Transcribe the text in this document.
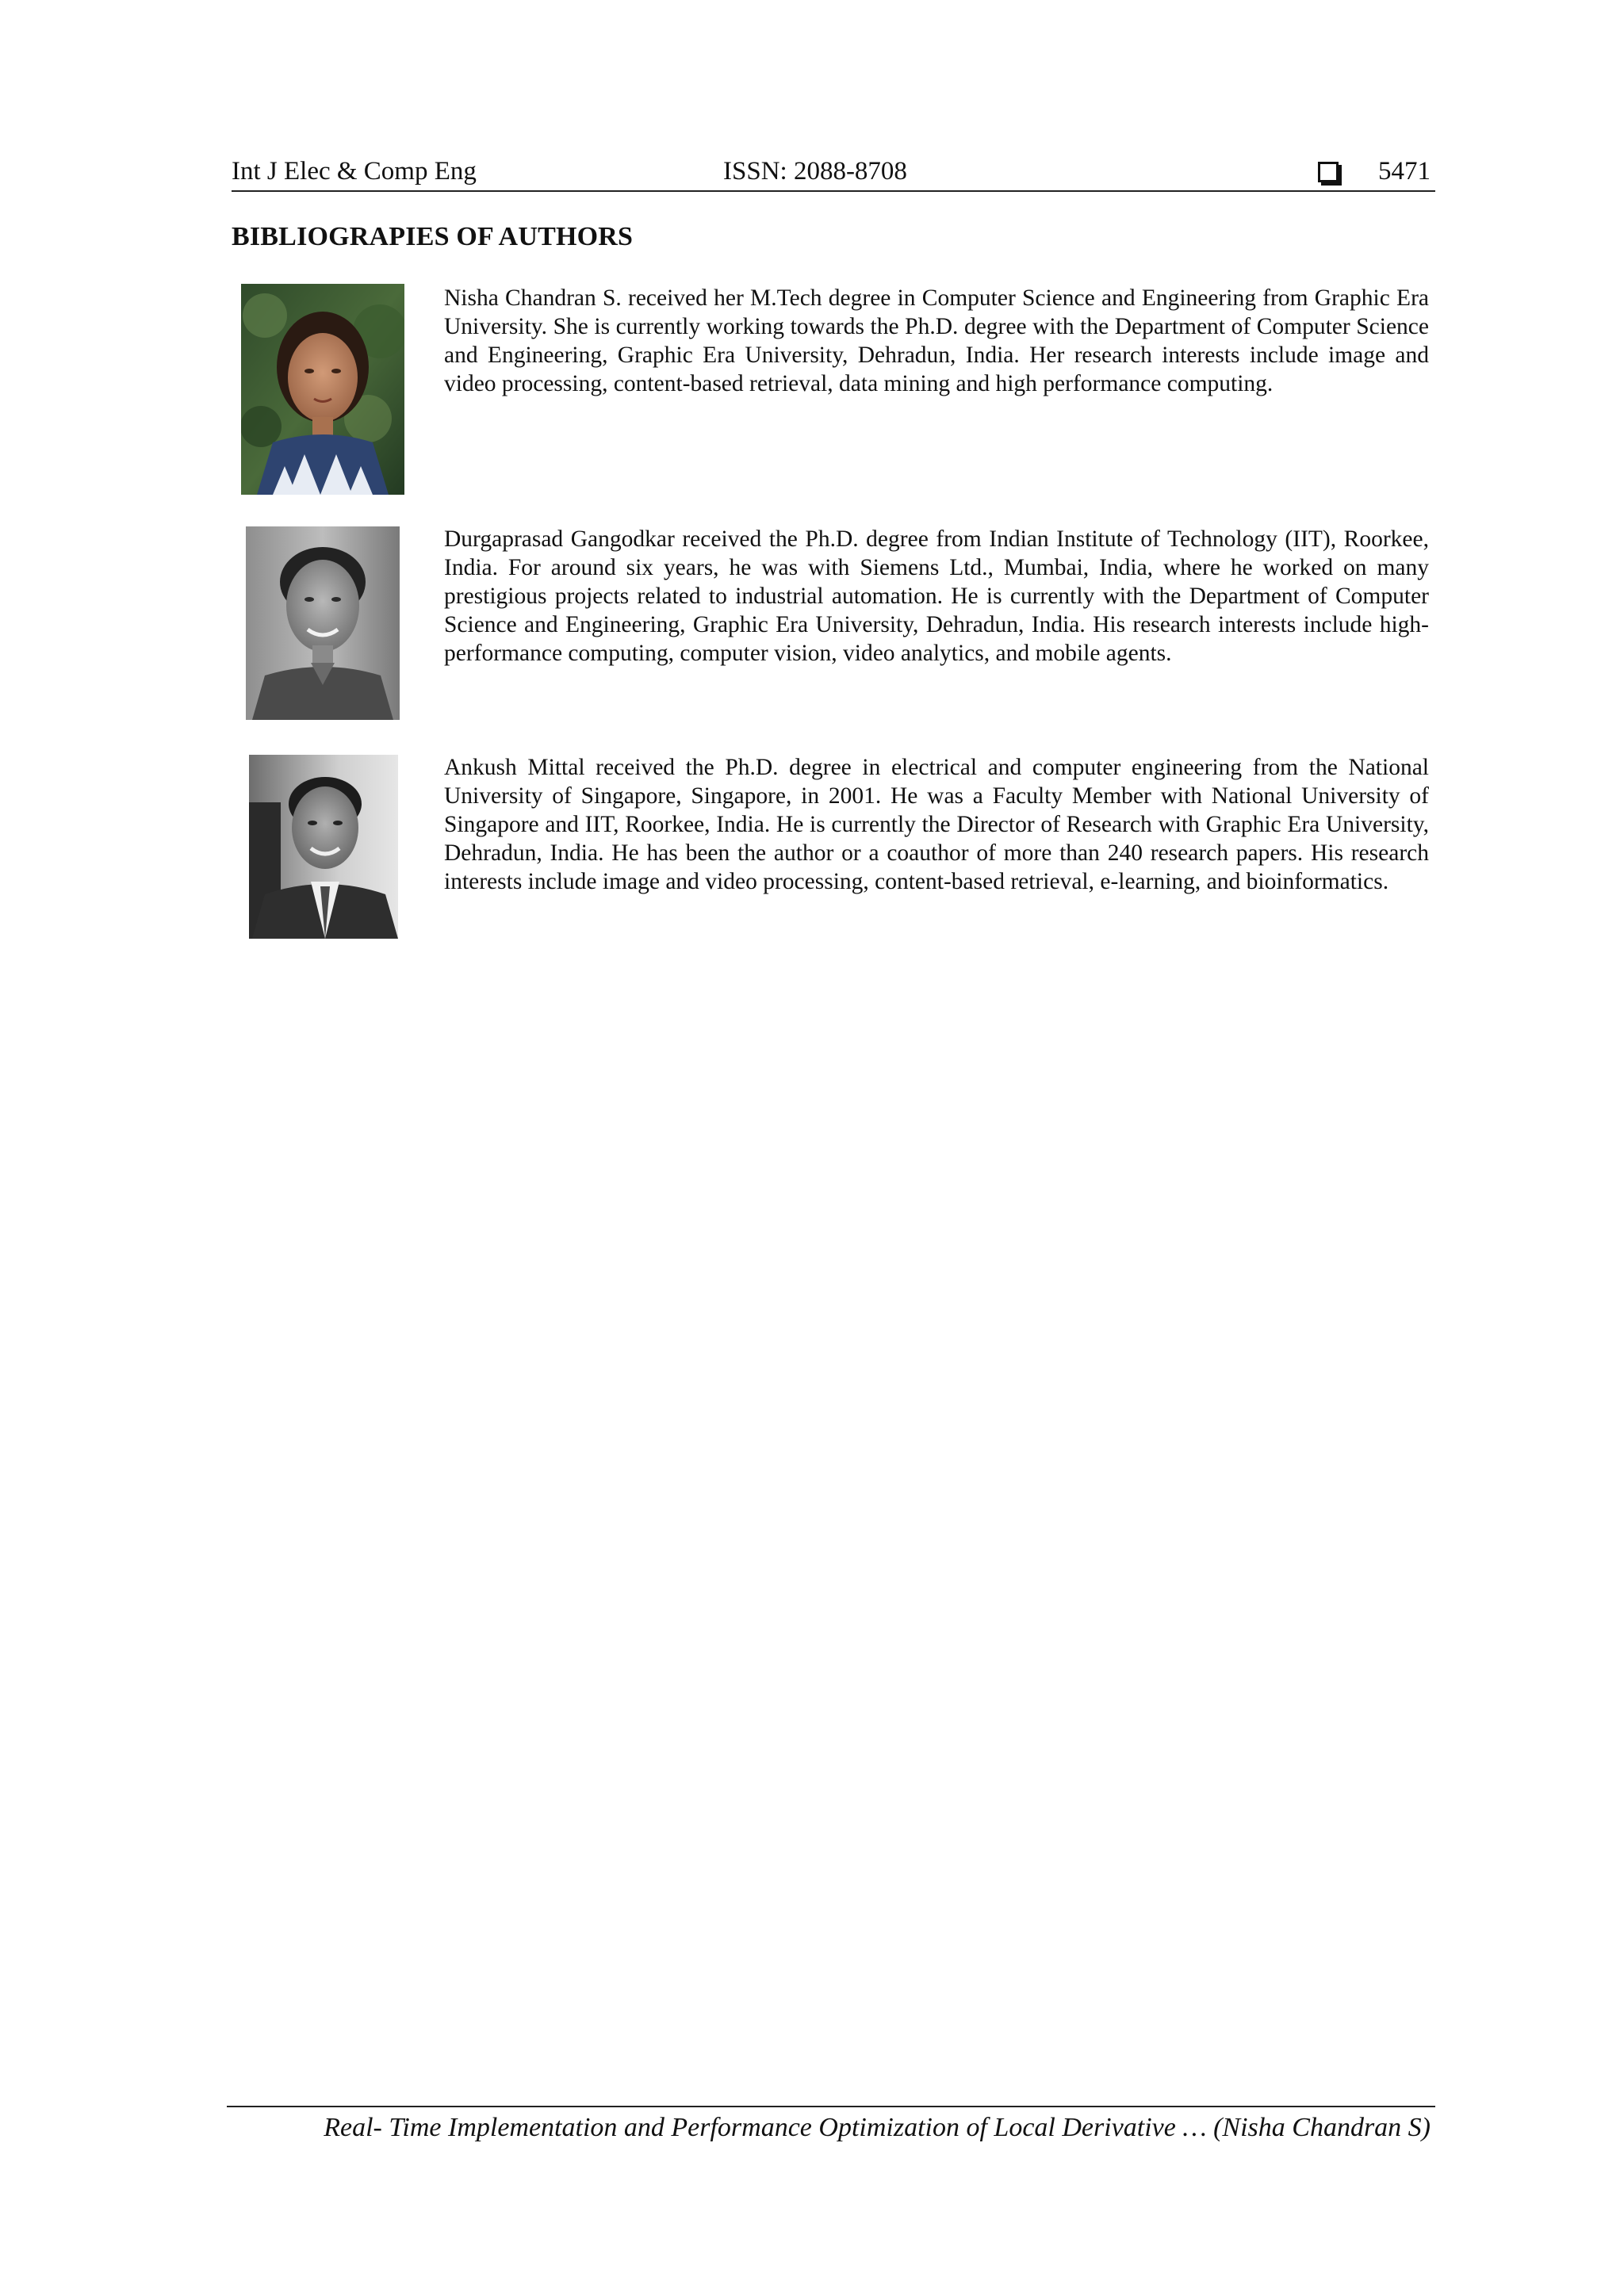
Int J Elec & Comp Eng	ISSN: 2088-8708	5471
BIBLIOGRAPIES OF AUTHORS
Nisha Chandran S. received her M.Tech degree in Computer Science and Engineering from Graphic Era University. She is currently working towards the Ph.D. degree with the Department of Computer Science and Engineering, Graphic Era University, Dehradun, India. Her research interests include image and video processing, content-based retrieval, data mining and high performance computing.
Durgaprasad Gangodkar received the Ph.D. degree from Indian Institute of Technology (IIT), Roorkee, India. For around six years, he was with Siemens Ltd., Mumbai, India, where he worked on many prestigious projects related to industrial automation. He is currently with the Department of Computer Science and Engineering, Graphic Era University, Dehradun, India. His research interests include high-performance computing, computer vision, video analytics, and mobile agents.
Ankush Mittal received the Ph.D. degree in electrical and computer engineering from the National University of Singapore, Singapore, in 2001. He was a Faculty Member with National University of Singapore and IIT, Roorkee, India. He is currently the Director of Research with Graphic Era University, Dehradun, India. He has been the author or a coauthor of more than 240 research papers. His research interests include image and video processing, content-based retrieval, e-learning, and bioinformatics.
Real- Time Implementation and Performance Optimization of Local Derivative … (Nisha Chandran S)
